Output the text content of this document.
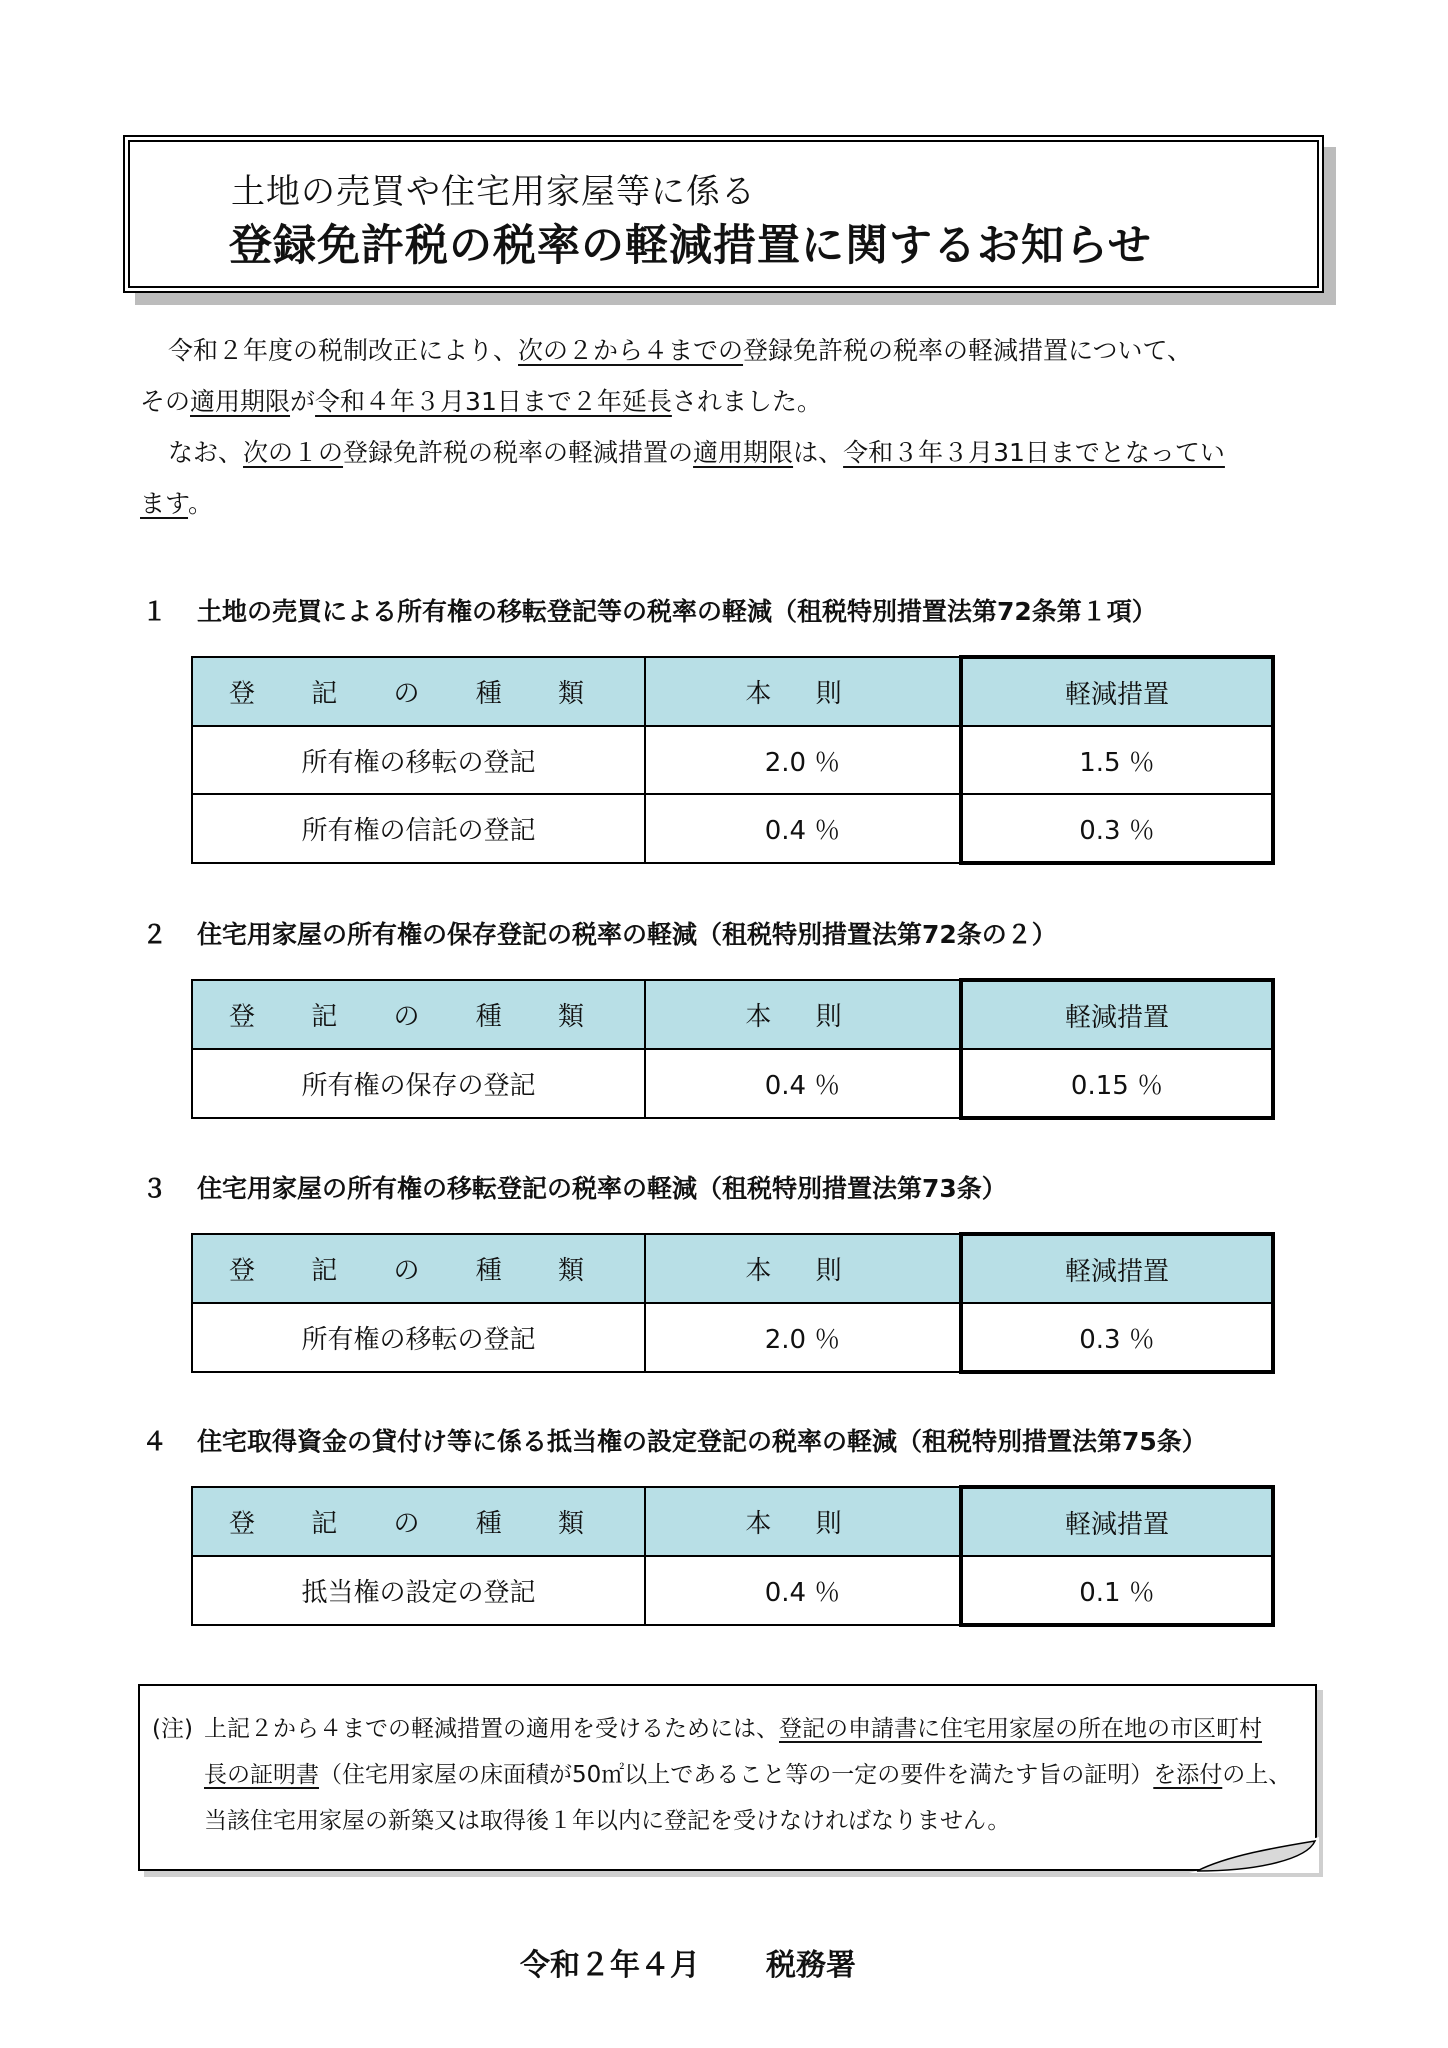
土地の売買や住宅用家屋等に係る
登録免許税の税率の軽減措置に関するお知らせ

令和２年度の税制改正により、次の２から４までの登録免許税の税率の軽減措置について、

その適用期限が令和４年３月31日まで２年延長されました。

なお、次の１の登録免許税の税率の軽減措置の適用期限は、令和３年３月31日までとなってい

ます。

１ 土地の売買による所有権の移転登記等の税率の軽減（租税特別措置法第72条第１項）
登 記 の 種 類	本 則	軽減措置
所有権の移転の登記	2.0 ％	1.5 ％
所有権の信託の登記	0.4 ％	0.3 ％
２ 住宅用家屋の所有権の保存登記の税率の軽減（租税特別措置法第72条の２）
登 記 の 種 類	本 則	軽減措置
所有権の保存の登記	0.4 ％	0.15 ％
３ 住宅用家屋の所有権の移転登記の税率の軽減（租税特別措置法第73条）
登 記 の 種 類	本 則	軽減措置
所有権の移転の登記	2.0 ％	0.3 ％
４ 住宅取得資金の貸付け等に係る抵当権の設定登記の税率の軽減（租税特別措置法第75条）
登 記 の 種 類	本 則	軽減措置
抵当権の設定の登記	0.4 ％	0.1 ％

(注) 上記２から４までの軽減措置の適用を受けるためには、登記の申請書に住宅用家屋の所在地の市区町村

長の証明書（住宅用家屋の床面積が50㎡以上であること等の一定の要件を満たす旨の証明）を添付の上、

当該住宅用家屋の新築又は取得後１年以内に登記を受けなければなりません。

令和２年４月 税務署
